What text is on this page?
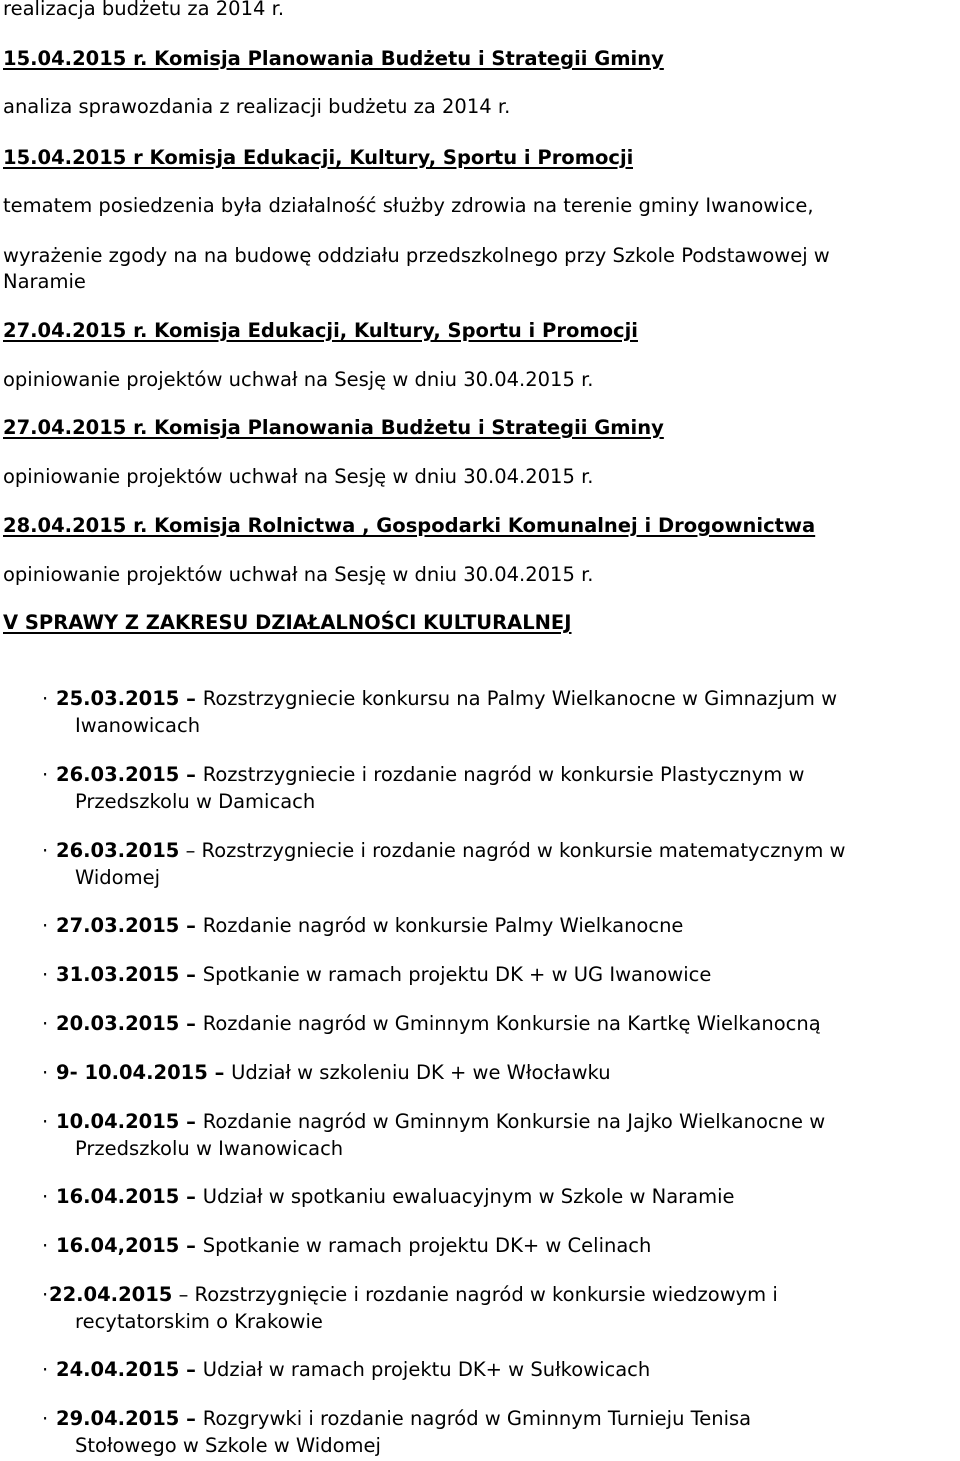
realizacja budżetu za 2014 r.
15.04.2015 r. Komisja Planowania Budżetu i Strategii Gminy
analiza sprawozdania z realizacji budżetu za 2014 r.
15.04.2015 r Komisja Edukacji, Kultury, Sportu i Promocji
tematem posiedzenia była działalność służby zdrowia na terenie gminy Iwanowice,
wyrażenie zgody na na budowę oddziału przedszkolnego przy Szkole Podstawowej w
Naramie
27.04.2015 r. Komisja Edukacji, Kultury, Sportu i Promocji
opiniowanie projektów uchwał na Sesję w dniu 30.04.2015 r.
27.04.2015 r. Komisja Planowania Budżetu i Strategii Gminy
opiniowanie projektów uchwał na Sesję w dniu 30.04.2015 r.
28.04.2015 r. Komisja Rolnictwa , Gospodarki Komunalnej i Drogownictwa
opiniowanie projektów uchwał na Sesję w dniu 30.04.2015 r.
V SPRAWY Z ZAKRESU DZIAŁALNOŚCI KULTURALNEJ
· 25.03.2015 – Rozstrzygniecie konkursu na Palmy Wielkanocne w Gimnazjum w
Iwanowicach
· 26.03.2015 – Rozstrzygniecie i rozdanie nagród w konkursie Plastycznym w
Przedszkolu w Damicach
· 26.03.2015 – Rozstrzygniecie i rozdanie nagród w konkursie matematycznym w
Widomej
· 27.03.2015 – Rozdanie nagród w konkursie Palmy Wielkanocne
· 31.03.2015 – Spotkanie w ramach projektu DK + w UG Iwanowice
· 20.03.2015 – Rozdanie nagród w Gminnym Konkursie na Kartkę Wielkanocną
· 9- 10.04.2015 – Udział w szkoleniu DK + we Włocławku
· 10.04.2015 – Rozdanie nagród w Gminnym Konkursie na Jajko Wielkanocne w
Przedszkolu w Iwanowicach
· 16.04.2015 – Udział w spotkaniu ewaluacyjnym w Szkole w Naramie
· 16.04,2015 – Spotkanie w ramach projektu DK+ w Celinach
· 22.04.2015 – Rozstrzygnięcie i rozdanie nagród w konkursie wiedzowym i
recytatorskim o Krakowie
· 24.04.2015 – Udział w ramach projektu DK+ w Sułkowicach
· 29.04.2015 – Rozgrywki i rozdanie nagród w Gminnym Turnieju Tenisa
Stołowego w Szkole w Widomej
